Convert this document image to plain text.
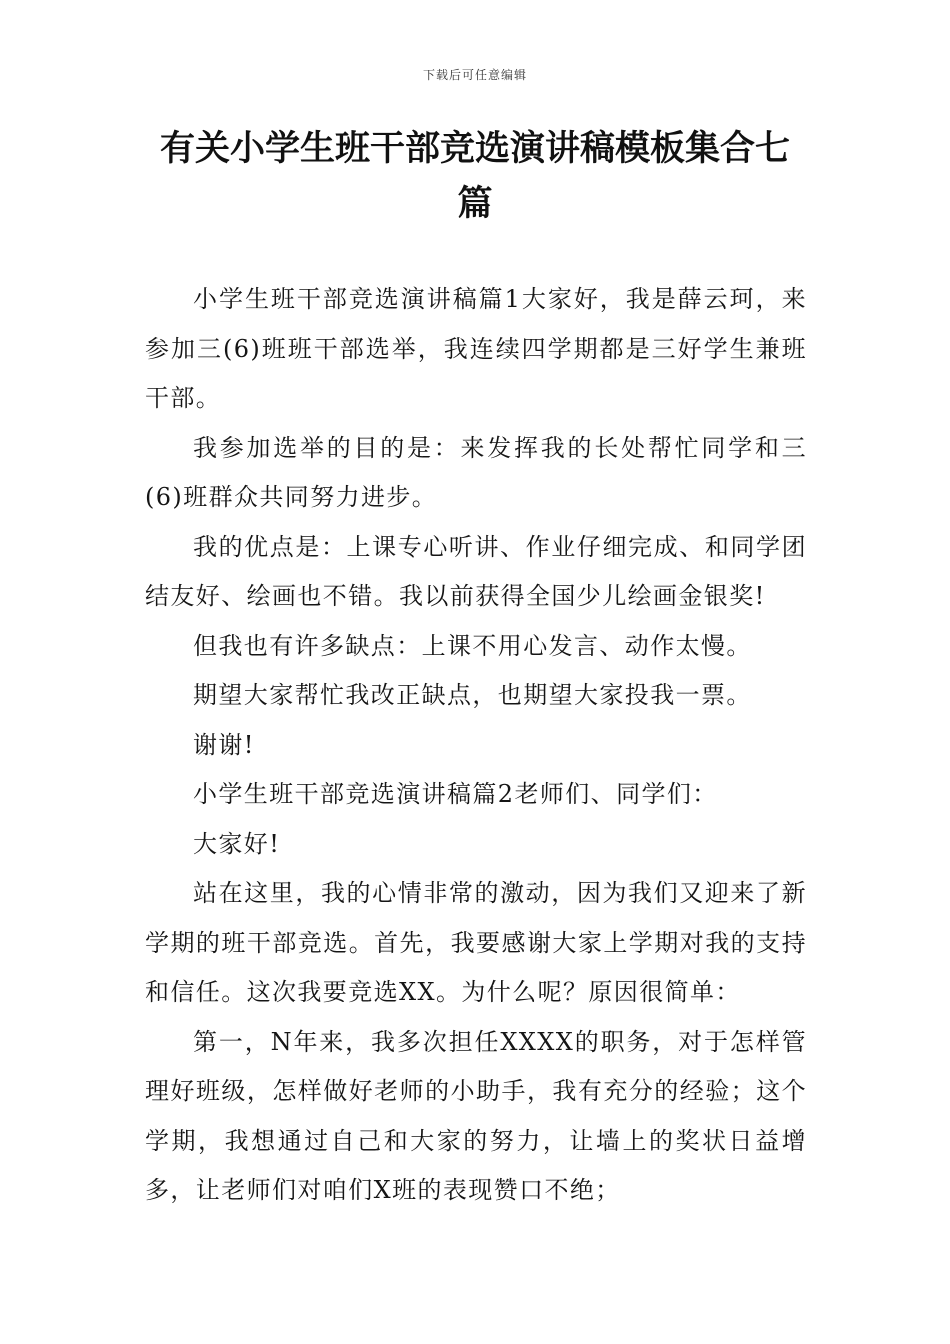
下载后可任意编辑
有关小学生班干部竞选演讲稿模板集合七篇

小学生班干部竞选演讲稿篇1大家好，我是薛云珂，来参加三(6)班班干部选举，我连续四学期都是三好学生兼班干部。

我参加选举的目的是：来发挥我的长处帮忙同学和三(6)班群众共同努力进步。

我的优点是：上课专心听讲、作业仔细完成、和同学团结友好、绘画也不错。我以前获得全国少儿绘画金银奖!

但我也有许多缺点：上课不用心发言、动作太慢。

期望大家帮忙我改正缺点，也期望大家投我一票。

谢谢!

小学生班干部竞选演讲稿篇2老师们、同学们：

大家好!

站在这里，我的心情非常的激动，因为我们又迎来了新学期的班干部竞选。首先，我要感谢大家上学期对我的支持和信任。这次我要竞选XX。为什么呢？原因很简单：

第一，N年来，我多次担任XXXX的职务，对于怎样管理好班级，怎样做好老师的小助手，我有充分的经验；这个学期，我想通过自己和大家的努力，让墙上的奖状日益增多，让老师们对咱们X班的表现赞口不绝；
